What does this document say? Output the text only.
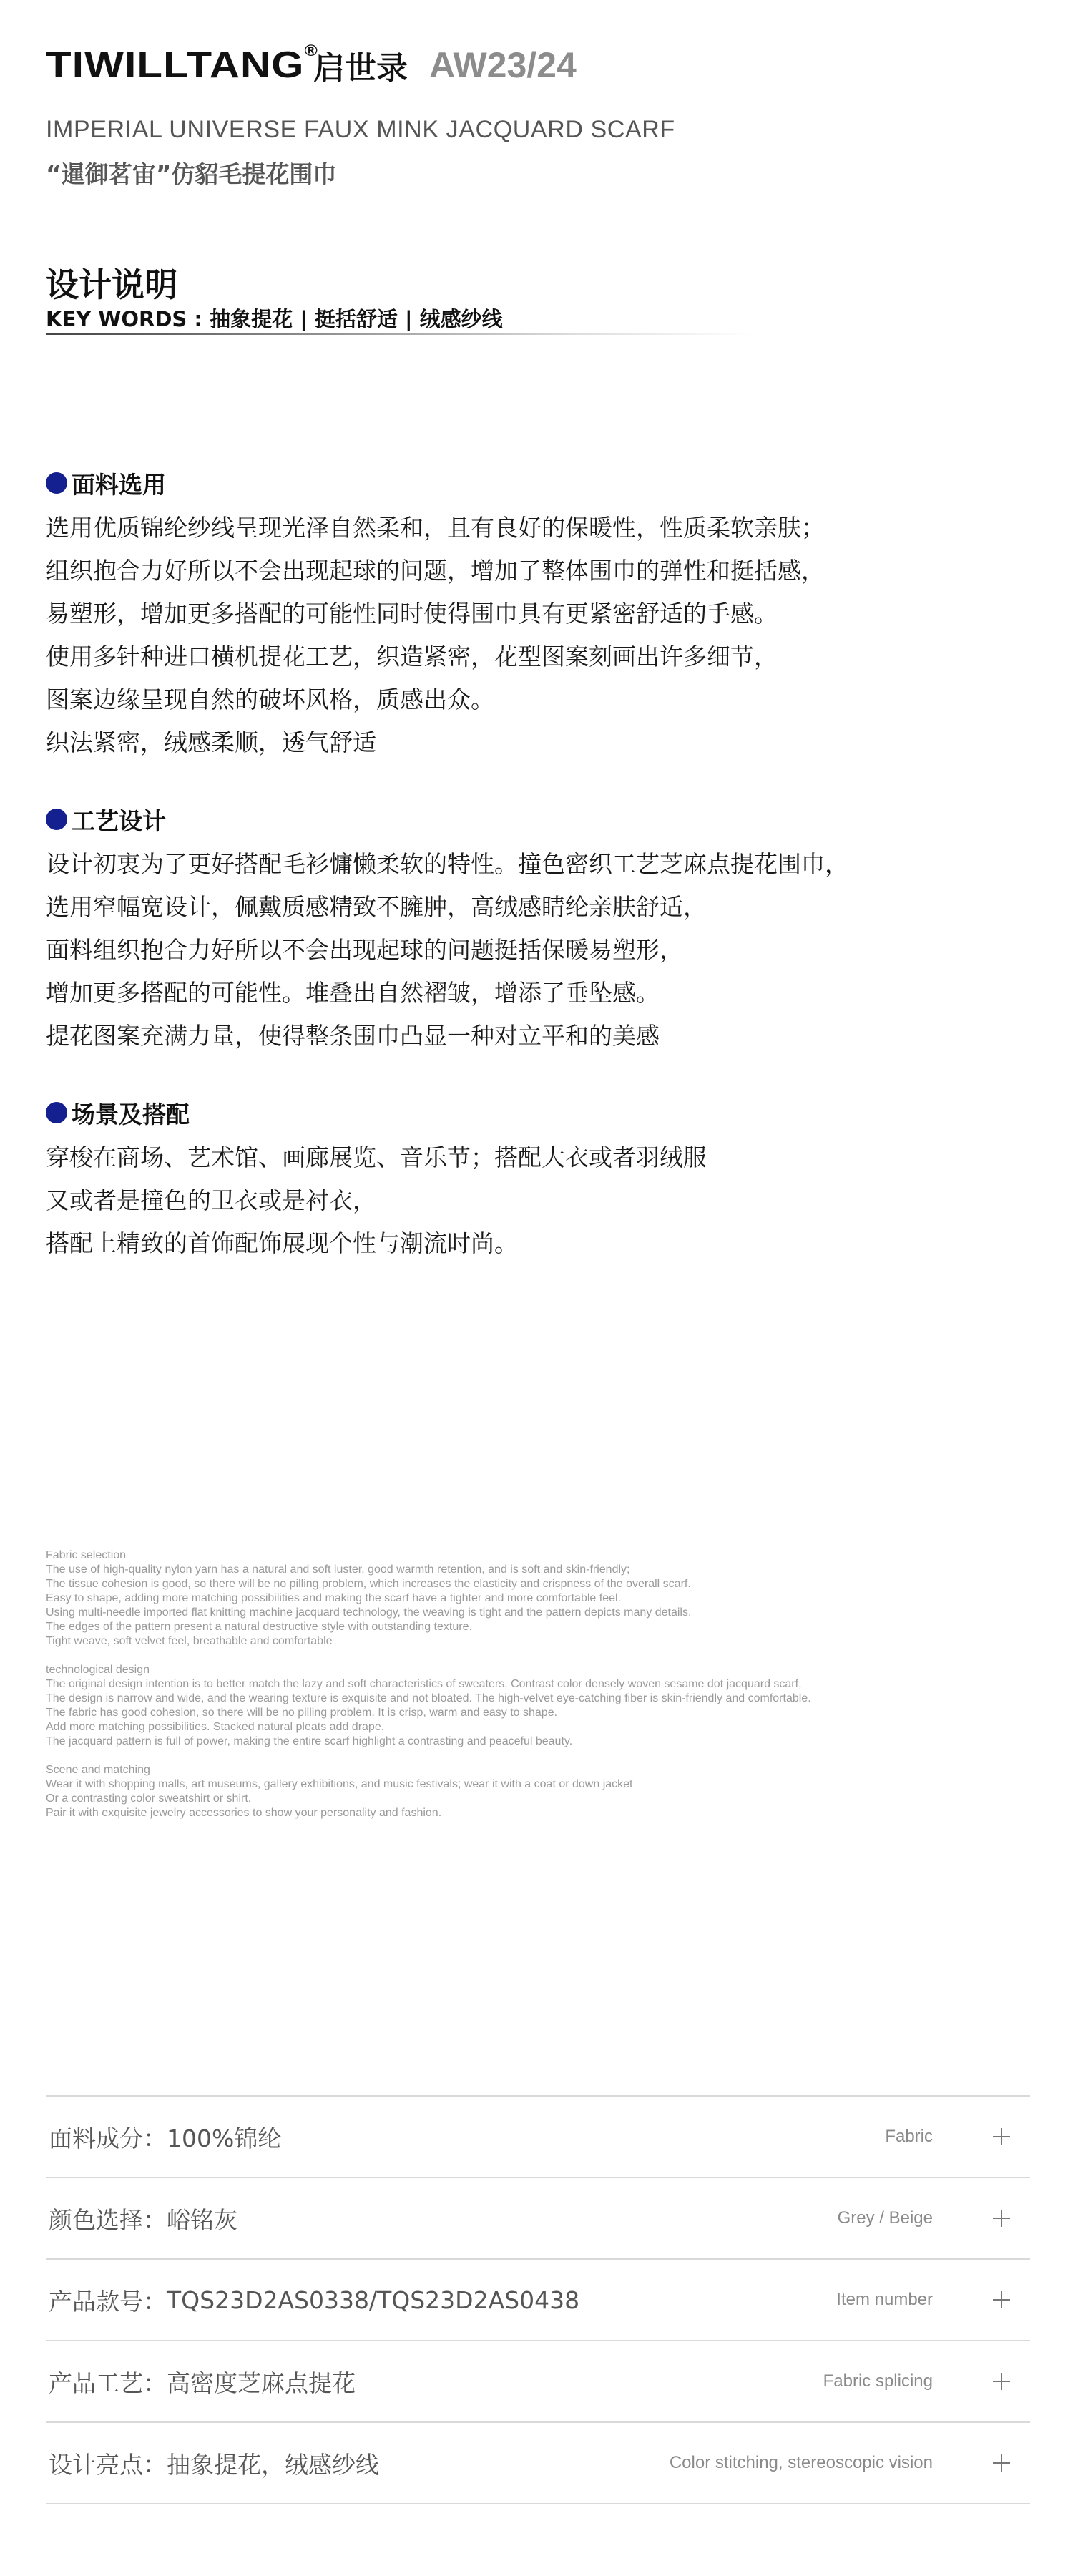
TIWILLTANG®
启世录 AW23/24
IMPERIAL UNIVERSE FAUX MINK JACQUARD SCARF
“暹御茗宙”仿貂毛提花围巾
设计说明
KEY WORDS : 抽象提花 | 挺括舒适 | 绒感纱线
面料选用
选用优质锦纶纱线呈现光泽自然柔和，且有良好的保暖性，性质柔软亲肤；
组织抱合力好所以不会出现起球的问题，增加了整体围巾的弹性和挺括感，
易塑形，增加更多搭配的可能性同时使得围巾具有更紧密舒适的手感。
使用多针种进口横机提花工艺，织造紧密，花型图案刻画出许多细节，
图案边缘呈现自然的破坏风格，质感出众。
织法紧密，绒感柔顺，透气舒适
工艺设计
设计初衷为了更好搭配毛衫慵懒柔软的特性。撞色密织工艺芝麻点提花围巾，
选用窄幅宽设计，佩戴质感精致不臃肿，高绒感睛纶亲肤舒适，
面料组织抱合力好所以不会出现起球的问题挺括保暖易塑形，
增加更多搭配的可能性。堆叠出自然褶皱，增添了垂坠感。
提花图案充满力量，使得整条围巾凸显一种对立平和的美感
场景及搭配
穿梭在商场、艺术馆、画廊展览、音乐节；搭配大衣或者羽绒服
又或者是撞色的卫衣或是衬衣，
搭配上精致的首饰配饰展现个性与潮流时尚。
Fabric selection
The use of high-quality nylon yarn has a natural and soft luster, good warmth retention, and is soft and skin-friendly;
The tissue cohesion is good, so there will be no pilling problem, which increases the elasticity and crispness of the overall scarf.
Easy to shape, adding more matching possibilities and making the scarf have a tighter and more comfortable feel.
Using multi-needle imported flat knitting machine jacquard technology, the weaving is tight and the pattern depicts many details.
The edges of the pattern present a natural destructive style with outstanding texture.
Tight weave, soft velvet feel, breathable and comfortable
technological design
The original design intention is to better match the lazy and soft characteristics of sweaters. Contrast color densely woven sesame dot jacquard scarf,
The design is narrow and wide, and the wearing texture is exquisite and not bloated. The high-velvet eye-catching fiber is skin-friendly and comfortable.
The fabric has good cohesion, so there will be no pilling problem. It is crisp, warm and easy to shape.
Add more matching possibilities. Stacked natural pleats add drape.
The jacquard pattern is full of power, making the entire scarf highlight a contrasting and peaceful beauty.
Scene and matching
Wear it with shopping malls, art museums, gallery exhibitions, and music festivals; wear it with a coat or down jacket
Or a contrasting color sweatshirt or shirt.
Pair it with exquisite jewelry accessories to show your personality and fashion.
面料成分： 100%锦纶	Fabric
颜色选择： 峪铭灰	Grey / Beige
产品款号： TQS23D2AS0338/TQS23D2AS0438	Item number
产品工艺： 高密度芝麻点提花	Fabric splicing
设计亮点： 抽象提花，绒感纱线	Color stitching, stereoscopic vision
